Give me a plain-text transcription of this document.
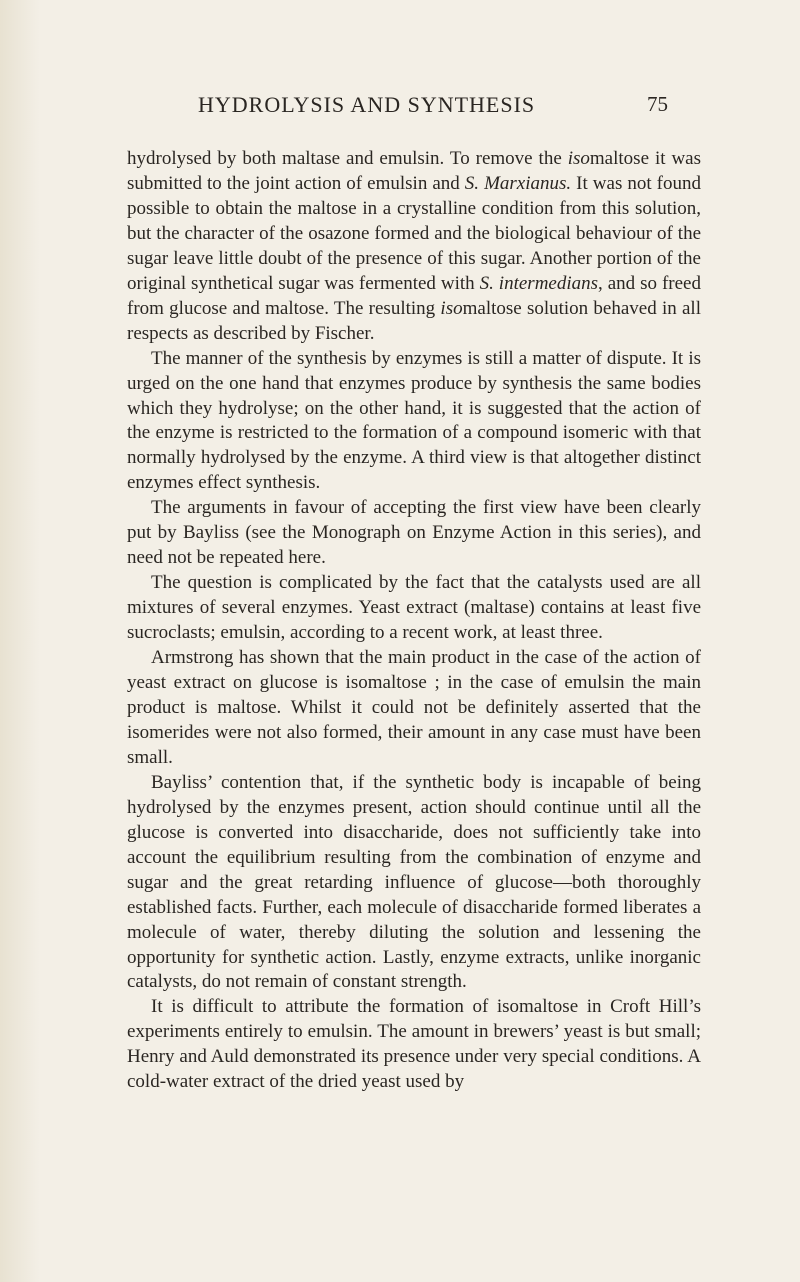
HYDROLYSIS AND SYNTHESIS	75

hydrolysed by both maltase and emulsin. To remove the isomaltose it was submitted to the joint action of emulsin and S. Marxianus. It was not found possible to obtain the maltose in a crystalline condition from this solution, but the character of the osazone formed and the biological behaviour of the sugar leave little doubt of the presence of this sugar. Another portion of the original synthetical sugar was fermented with S. intermedians, and so freed from glucose and maltose. The resulting isomaltose solution behaved in all respects as described by Fischer.

The manner of the synthesis by enzymes is still a matter of dispute. It is urged on the one hand that enzymes produce by synthesis the same bodies which they hydrolyse; on the other hand, it is suggested that the action of the enzyme is restricted to the formation of a compound isomeric with that normally hydrolysed by the enzyme. A third view is that altogether distinct enzymes effect synthesis.

The arguments in favour of accepting the first view have been clearly put by Bayliss (see the Monograph on Enzyme Action in this series), and need not be repeated here.

The question is complicated by the fact that the catalysts used are all mixtures of several enzymes. Yeast extract (maltase) contains at least five sucroclasts; emulsin, according to a recent work, at least three.

Armstrong has shown that the main product in the case of the action of yeast extract on glucose is isomaltose ; in the case of emulsin the main product is maltose. Whilst it could not be definitely asserted that the isomerides were not also formed, their amount in any case must have been small.

Bayliss’ contention that, if the synthetic body is incapable of being hydrolysed by the enzymes present, action should continue until all the glucose is converted into disaccharide, does not sufficiently take into account the equilibrium resulting from the combination of enzyme and sugar and the great retarding influence of glucose—both thoroughly established facts. Further, each molecule of disaccharide formed liberates a molecule of water, thereby diluting the solution and lessening the opportunity for synthetic action. Lastly, enzyme extracts, unlike inorganic catalysts, do not remain of constant strength.

It is difficult to attribute the formation of isomaltose in Croft Hill’s experiments entirely to emulsin. The amount in brewers’ yeast is but small; Henry and Auld demonstrated its presence under very special conditions. A cold-water extract of the dried yeast used by
